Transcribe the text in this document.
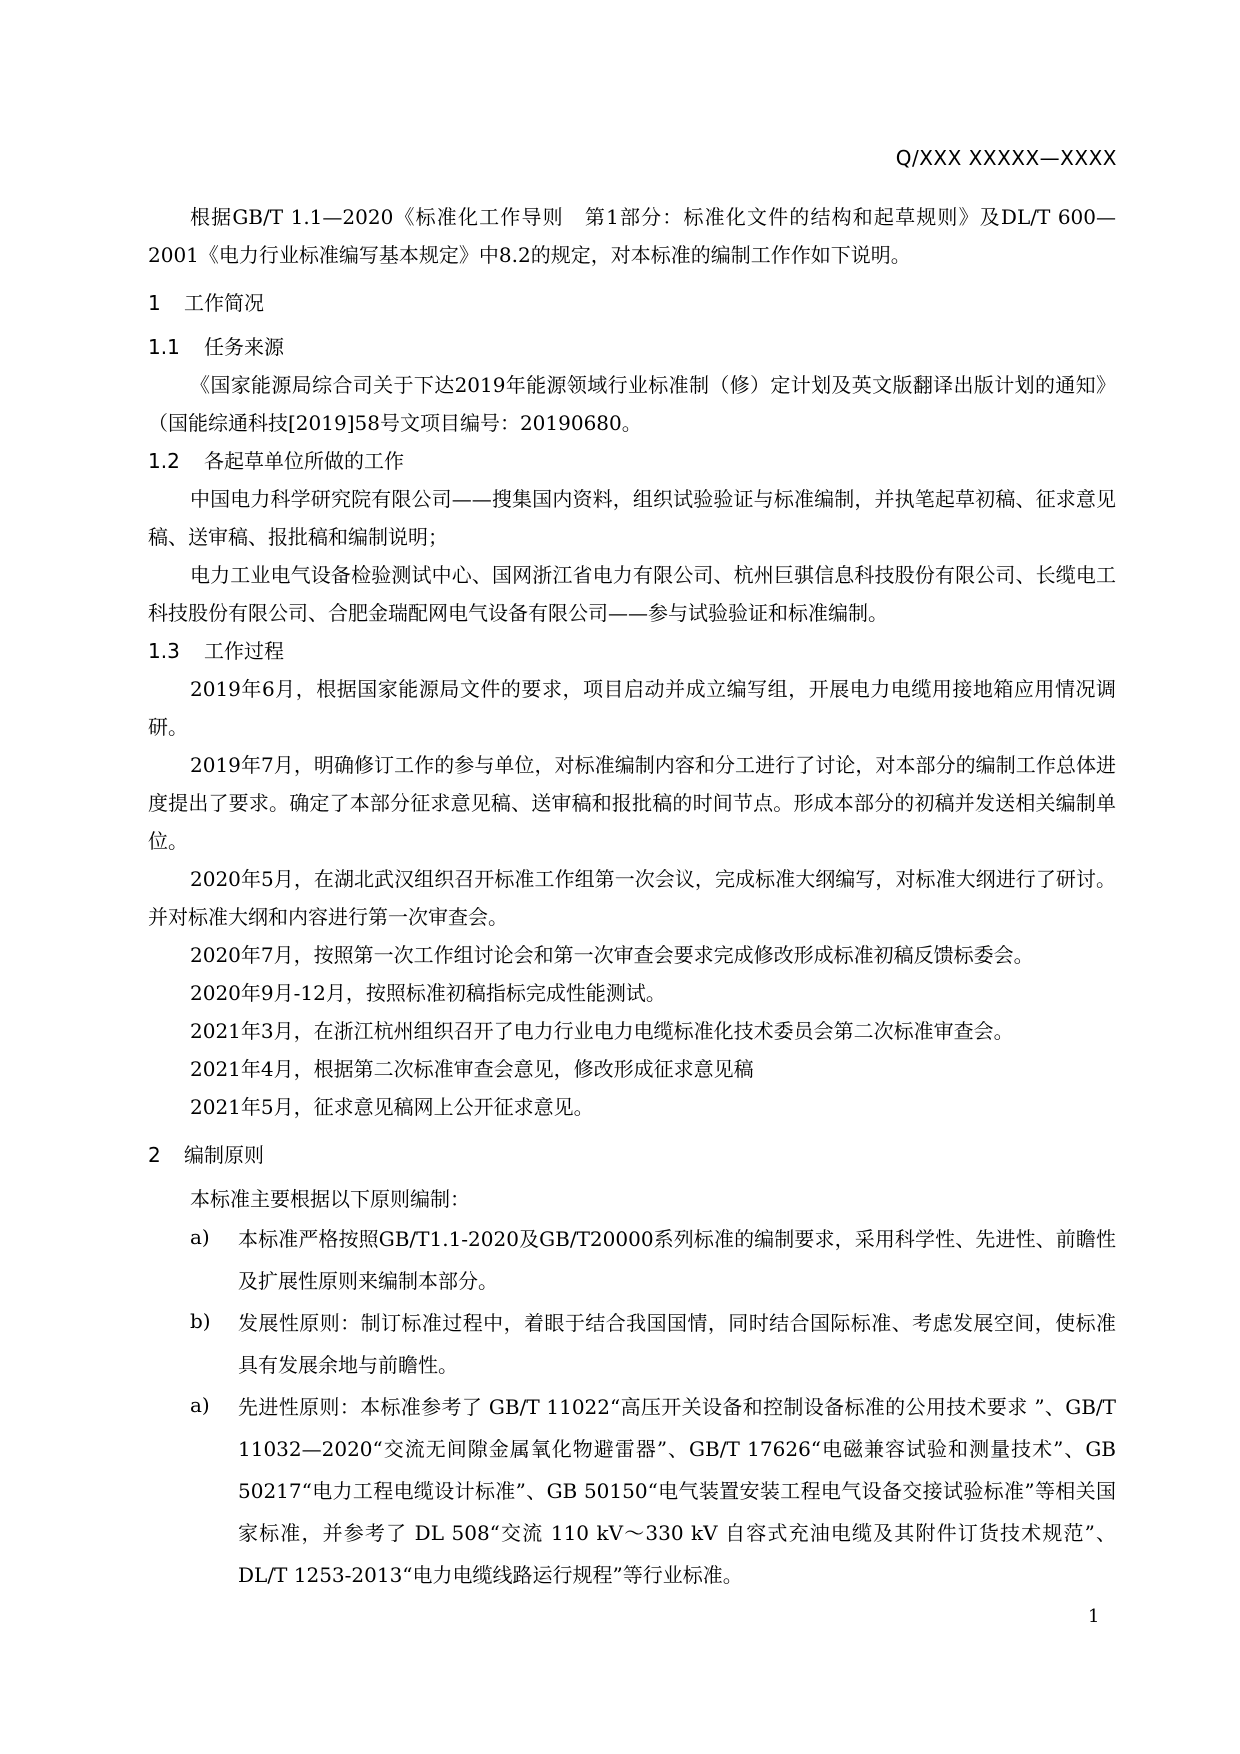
Q/XXX XXXXX—XXXX

根据GB/T 1.1—2020《标准化工作导则　第1部分：标准化文件的结构和起草规则》及DL/T 600—2001《电力行业标准编写基本规定》中8.2的规定，对本标准的编制工作作如下说明。

1 工作简况
1.1 任务来源

《国家能源局综合司关于下达2019年能源领域行业标准制（修）定计划及英文版翻译出版计划的通知》（国能综通科技[2019]58号文项目编号：20190680。

1.2 各起草单位所做的工作

中国电力科学研究院有限公司——搜集国内资料，组织试验验证与标准编制，并执笔起草初稿、征求意见稿、送审稿、报批稿和编制说明；

电力工业电气设备检验测试中心、国网浙江省电力有限公司、杭州巨骐信息科技股份有限公司、长缆电工科技股份有限公司、合肥金瑞配网电气设备有限公司——参与试验验证和标准编制。

1.3 工作过程

2019年6月，根据国家能源局文件的要求，项目启动并成立编写组，开展电力电缆用接地箱应用情况调研。

2019年7月，明确修订工作的参与单位，对标准编制内容和分工进行了讨论，对本部分的编制工作总体进度提出了要求。确定了本部分征求意见稿、送审稿和报批稿的时间节点。形成本部分的初稿并发送相关编制单位。

2020年5月，在湖北武汉组织召开标准工作组第一次会议，完成标准大纲编写，对标准大纲进行了研讨。并对标准大纲和内容进行第一次审查会。

2020年7月，按照第一次工作组讨论会和第一次审查会要求完成修改形成标准初稿反馈标委会。

2020年9月-12月，按照标准初稿指标完成性能测试。

2021年3月，在浙江杭州组织召开了电力行业电力电缆标准化技术委员会第二次标准审查会。

2021年4月，根据第二次标准审查会意见，修改形成征求意见稿

2021年5月，征求意见稿网上公开征求意见。

2 编制原则

本标准主要根据以下原则编制：

a)	本标准严格按照GB/T1.1-2020及GB/T20000系列标准的编制要求，采用科学性、先进性、前瞻性及扩展性原则来编制本部分。
b)	发展性原则：制订标准过程中，着眼于结合我国国情，同时结合国际标准、考虑发展空间，使标准具有发展余地与前瞻性。
a)	先进性原则：本标准参考了 GB/T 11022“高压开关设备和控制设备标准的公用技术要求 ”、GB/T 11032—2020“交流无间隙金属氧化物避雷器”、GB/T 17626“电磁兼容试验和测量技术”、GB 50217“电力工程电缆设计标准”、GB 50150“电气装置安装工程电气设备交接试验标准”等相关国家标准，并参考了 DL 508“交流 110 kV～330 kV 自容式充油电缆及其附件订货技术规范”、DL/T 1253-2013“电力电缆线路运行规程”等行业标准。
1
